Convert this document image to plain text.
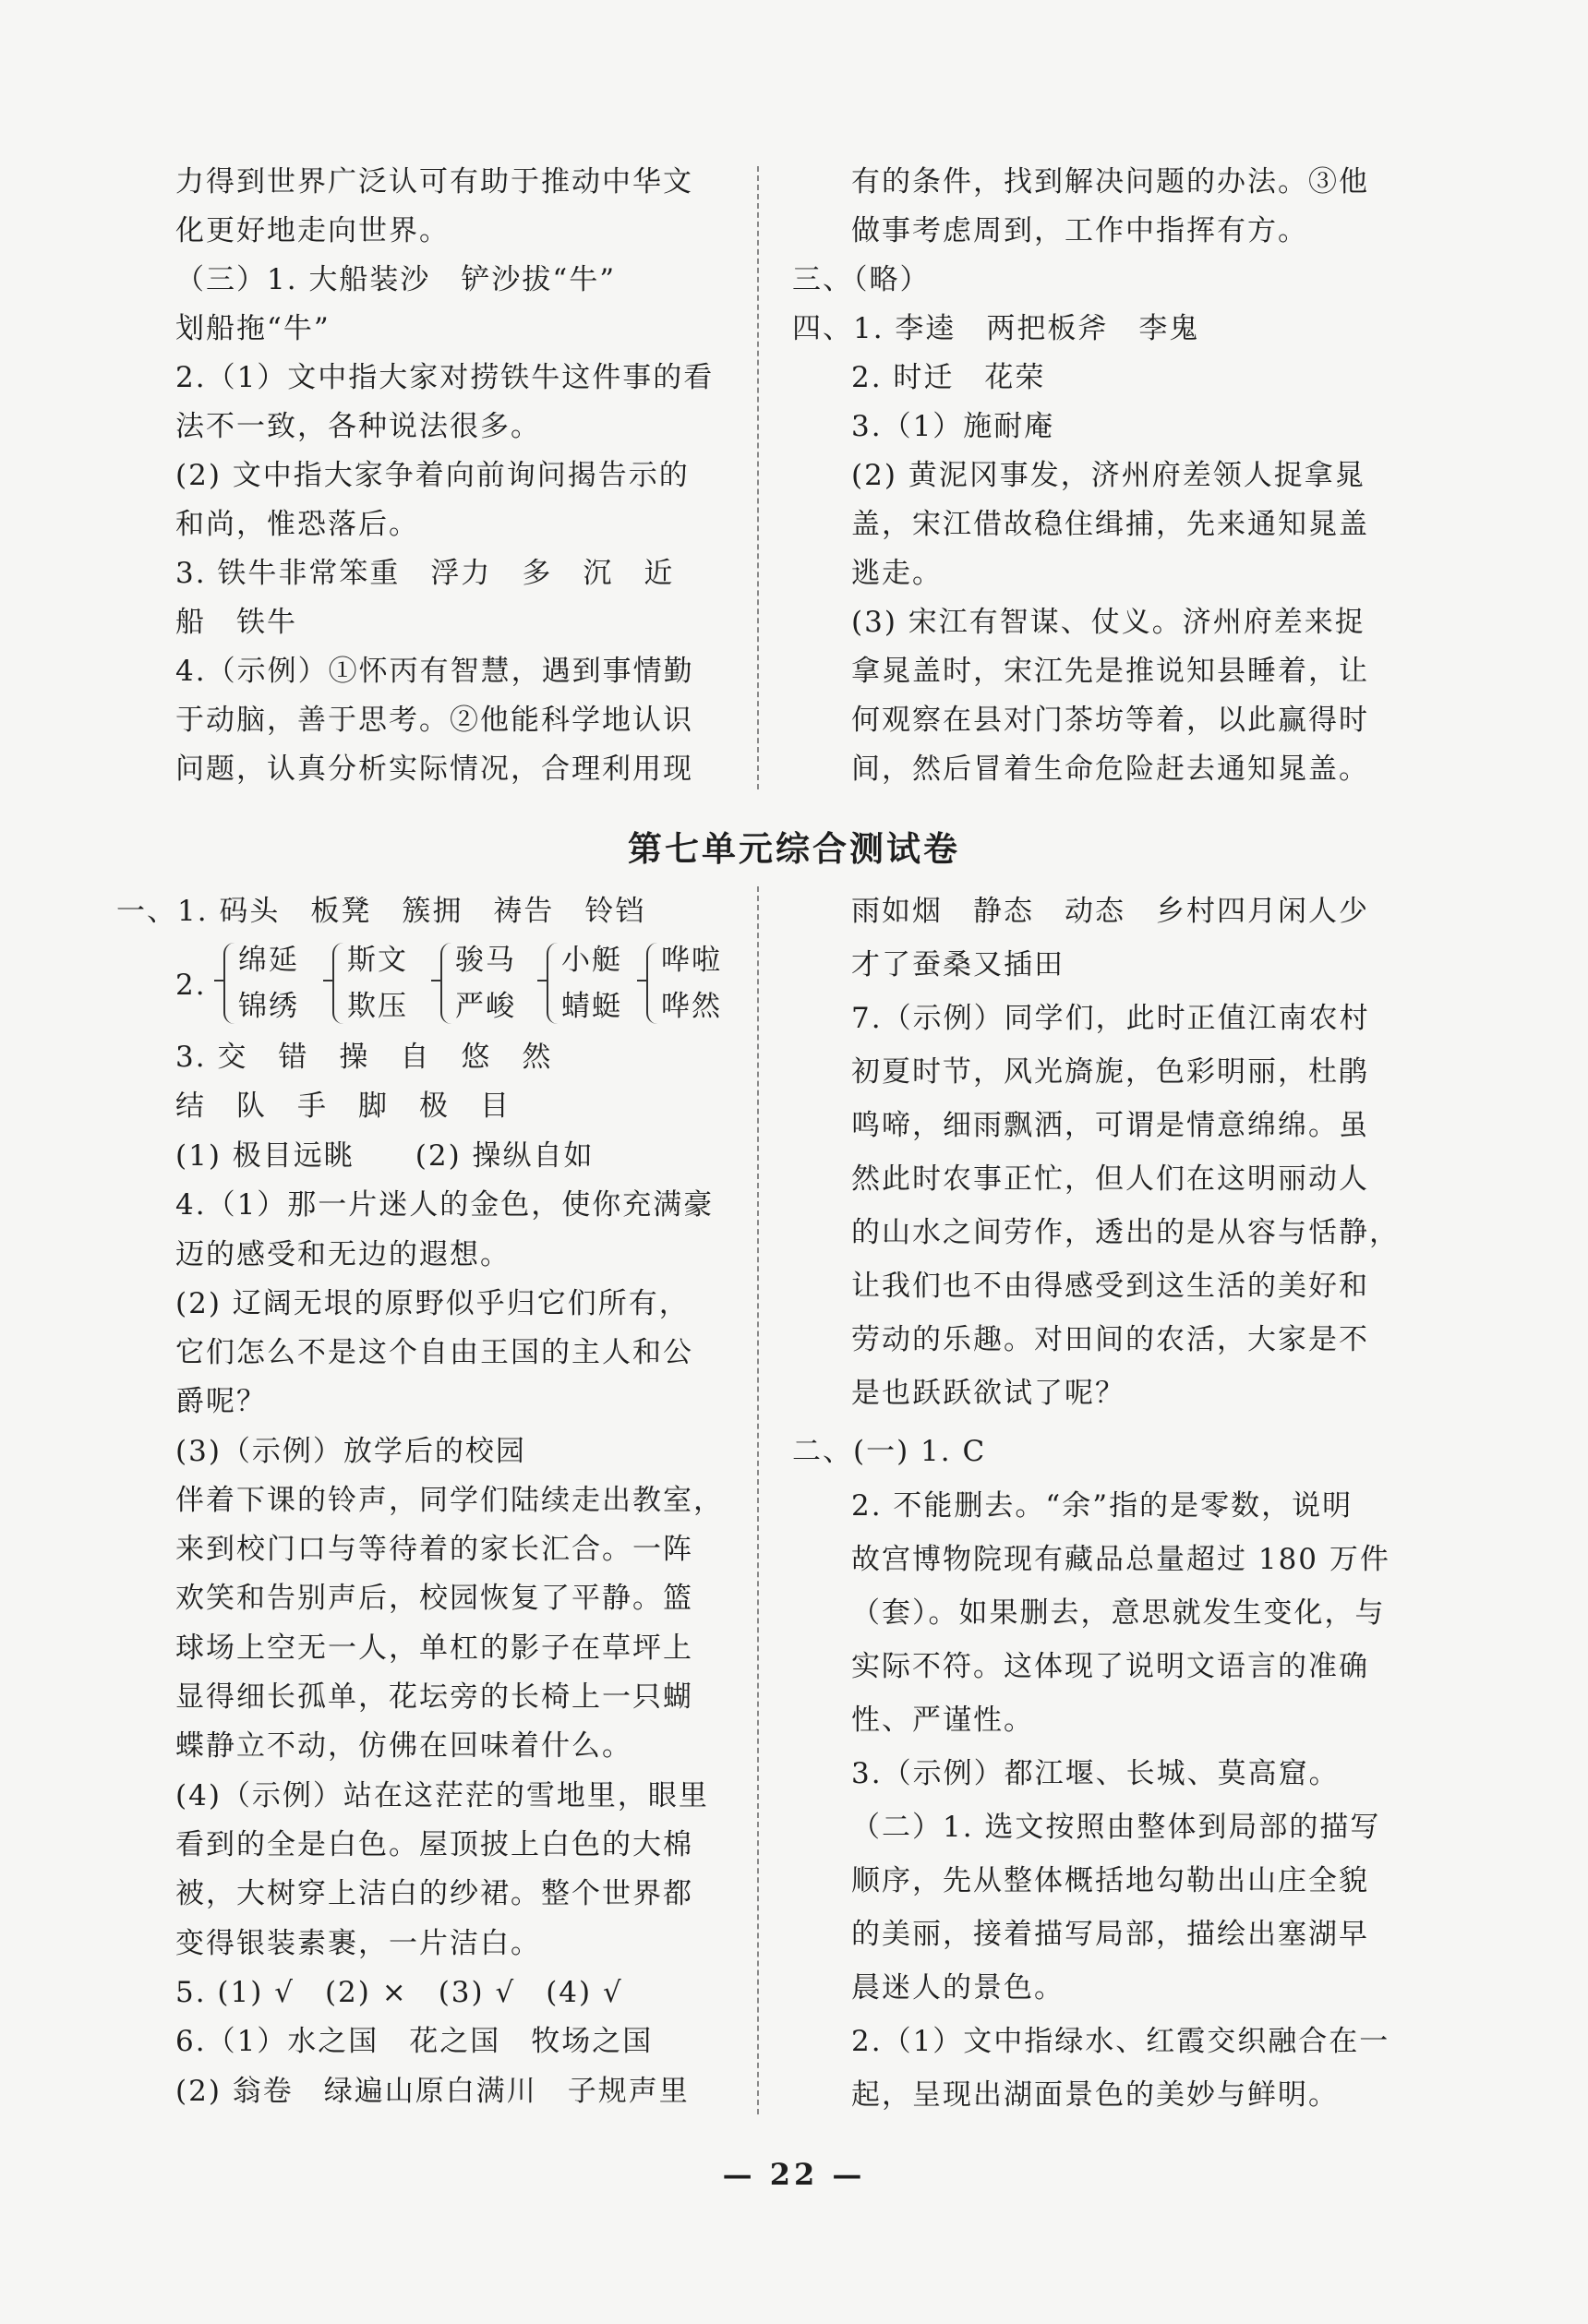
力得到世界广泛认可有助于推动中华文
化更好地走向世界。
（三）1. 大船装沙　铲沙拔“牛”
划船拖“牛”
2.（1）文中指大家对捞铁牛这件事的看
法不一致，各种说法很多。
(2) 文中指大家争着向前询问揭告示的
和尚，惟恐落后。
3. 铁牛非常笨重　浮力　多　沉　近
船　铁牛
4.（示例）①怀丙有智慧，遇到事情勤
于动脑，善于思考。②他能科学地认识
问题，认真分析实际情况，合理利用现
有的条件，找到解决问题的办法。③他
做事考虑周到，工作中指挥有方。
三、（略）
四、1. 李逵　两把板斧　李鬼
2. 时迁　花荣
3.（1）施耐庵
(2) 黄泥冈事发，济州府差领人捉拿晁
盖，宋江借故稳住缉捕，先来通知晁盖
逃走。
(3) 宋江有智谋、仗义。济州府差来捉
拿晁盖时，宋江先是推说知县睡着，让
何观察在县对门茶坊等着，以此赢得时
间，然后冒着生命危险赶去通知晁盖。
第七单元综合测试卷
一、1. 码头　板凳　簇拥　祷告　铃铛
2.
绵延
锦绣
斯文
欺压
骏马
严峻
小艇
蜻蜓
哗啦
哗然
3. 交　错　操　自　悠　然
结　队　手　脚　极　目
(1) 极目远眺　　(2) 操纵自如
4.（1）那一片迷人的金色，使你充满豪
迈的感受和无边的遐想。
(2) 辽阔无垠的原野似乎归它们所有，
它们怎么不是这个自由王国的主人和公
爵呢？
(3)（示例）放学后的校园
伴着下课的铃声，同学们陆续走出教室，
来到校门口与等待着的家长汇合。一阵
欢笑和告别声后，校园恢复了平静。篮
球场上空无一人，单杠的影子在草坪上
显得细长孤单，花坛旁的长椅上一只蝴
蝶静立不动，仿佛在回味着什么。
(4)（示例）站在这茫茫的雪地里，眼里
看到的全是白色。屋顶披上白色的大棉
被，大树穿上洁白的纱裙。整个世界都
变得银装素裹，一片洁白。
5. (1) √　(2) ×　(3) √　(4) √
6.（1）水之国　花之国　牧场之国
(2) 翁卷　绿遍山原白满川　子规声里
雨如烟　静态　动态　乡村四月闲人少
才了蚕桑又插田
7.（示例）同学们，此时正值江南农村
初夏时节，风光旖旎，色彩明丽，杜鹃
鸣啼，细雨飘洒，可谓是情意绵绵。虽
然此时农事正忙，但人们在这明丽动人
的山水之间劳作，透出的是从容与恬静，
让我们也不由得感受到这生活的美好和
劳动的乐趣。对田间的农活，大家是不
是也跃跃欲试了呢？
二、(一) 1. C
2. 不能删去。“余”指的是零数，说明
故宫博物院现有藏品总量超过 180 万件
（套）。如果删去，意思就发生变化，与
实际不符。这体现了说明文语言的准确
性、严谨性。
3.（示例）都江堰、长城、莫高窟。
（二）1. 选文按照由整体到局部的描写
顺序，先从整体概括地勾勒出山庄全貌
的美丽，接着描写局部，描绘出塞湖早
晨迷人的景色。
2.（1）文中指绿水、红霞交织融合在一
起，呈现出湖面景色的美妙与鲜明。
— 22 —
